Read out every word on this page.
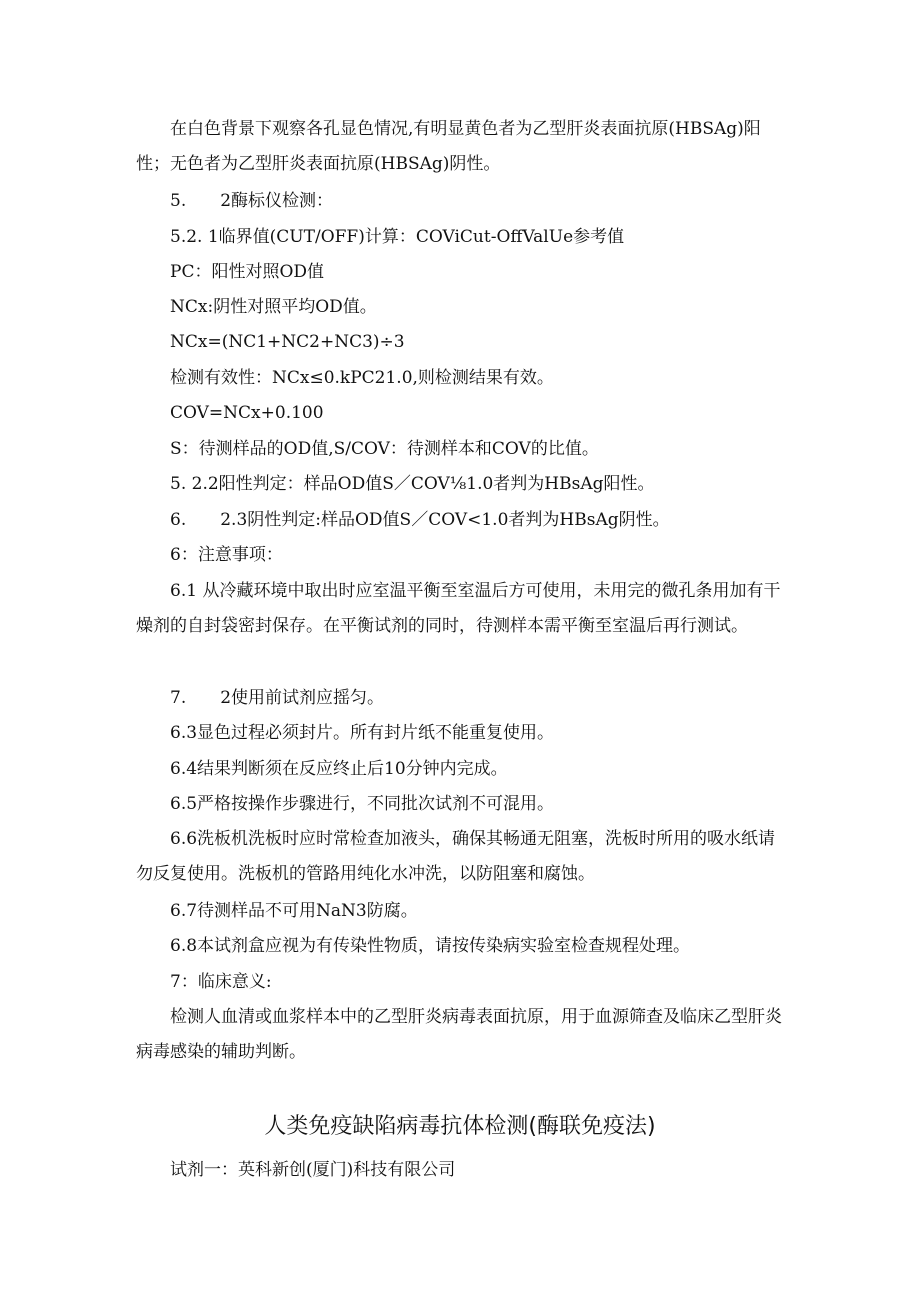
在白色背景下观察各孔显色情况,有明显黄色者为乙型肝炎表面抗原(HBSAg)阳性；无色者为乙型肝炎表面抗原(HBSAg)阴性。

5.　　2酶标仪检测：

5.2. 1临界值(CUT/OFF)计算：COViCut-OffValUe参考值

PC：阳性对照OD值

NCx:阴性对照平均OD值。

NCx=(NC1+NC2+NC3)÷3

检测有效性：NCx≤0.kPC21.0,则检测结果有效。

COV=NCx+0.100

S：待测样品的OD值,S/COV：待测样本和COV的比值。

5. 2.2阳性判定：样品OD值S／COV⅛1.0者判为HBsAg阳性。

6.　　2.3阴性判定:样品OD值S／COV<1.0者判为HBsAg阴性。

6：注意事项：

6.1 从冷藏环境中取出时应室温平衡至室温后方可使用，未用完的微孔条用加有干燥剂的自封袋密封保存。在平衡试剂的同时，待测样本需平衡至室温后再行测试。

7.　　2使用前试剂应摇匀。

6.3显色过程必须封片。所有封片纸不能重复使用。

6.4结果判断须在反应终止后10分钟内完成。

6.5严格按操作步骤进行，不同批次试剂不可混用。

6.6洗板机洗板时应时常检查加液头，确保其畅通无阻塞，洗板时所用的吸水纸请勿反复使用。洗板机的管路用纯化水冲洗，以防阻塞和腐蚀。

6.7待测样品不可用NaN3防腐。

6.8本试剂盒应视为有传染性物质，请按传染病实验室检查规程处理。

7：临床意义:

检测人血清或血浆样本中的乙型肝炎病毒表面抗原，用于血源筛查及临床乙型肝炎病毒感染的辅助判断。

人类免疫缺陷病毒抗体检测(酶联免疫法)

试剂一：英科新创(厦门)科技有限公司
